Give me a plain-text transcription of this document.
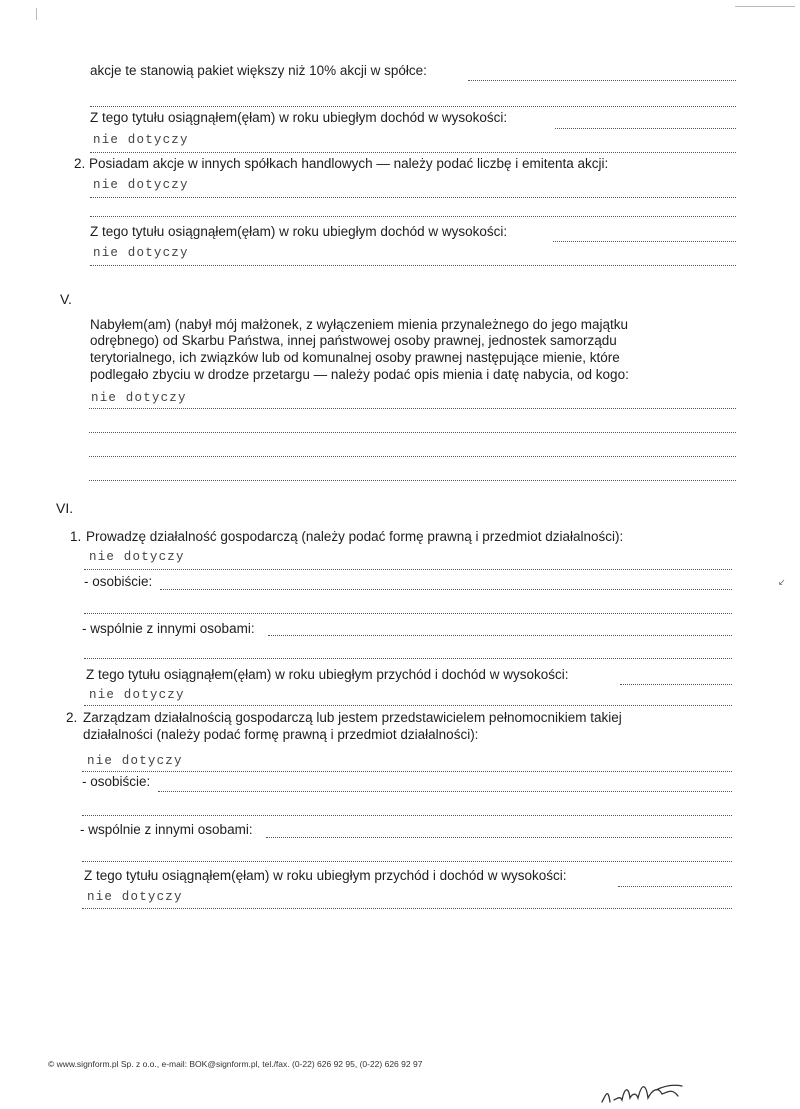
akcje te stanowią pakiet większy niż 10% akcji w spółce:
Z tego tytułu osiągnąłem(ęłam) w roku ubiegłym dochód w wysokości:
nie dotyczy
2. Posiadam akcje w innych spółkach handlowych — należy podać liczbę i emitenta akcji:
nie dotyczy
Z tego tytułu osiągnąłem(ęłam) w roku ubiegłym dochód w wysokości:
nie dotyczy
V.
Nabyłem(am) (nabył mój małżonek, z wyłączeniem mienia przynależnego do jego majątku
odrębnego) od Skarbu Państwa, innej państwowej osoby prawnej, jednostek samorządu
terytorialnego, ich związków lub od komunalnej osoby prawnej następujące mienie, które
podlegało zbyciu w drodze przetargu — należy podać opis mienia i datę nabycia, od kogo:
nie dotyczy
VI.
1. Prowadzę działalność gospodarczą (należy podać formę prawną i przedmiot działalności):
nie dotyczy
- osobiście:
- wspólnie z innymi osobami:
Z tego tytułu osiągnąłem(ęłam) w roku ubiegłym przychód i dochód w wysokości:
nie dotyczy
2. Zarządzam działalnością gospodarczą lub jestem przedstawicielem pełnomocnikiem takiej
działalności (należy podać formę prawną i przedmiot działalności):
nie dotyczy
- osobiście:
- wspólnie z innymi osobami:
Z tego tytułu osiągnąłem(ęłam) w roku ubiegłym przychód i dochód w wysokości:
nie dotyczy
↙
© www.signform.pl Sp. z o.o., e-mail: BOK@signform.pl, tel./fax. (0-22) 626 92 95, (0-22) 626 92 97
